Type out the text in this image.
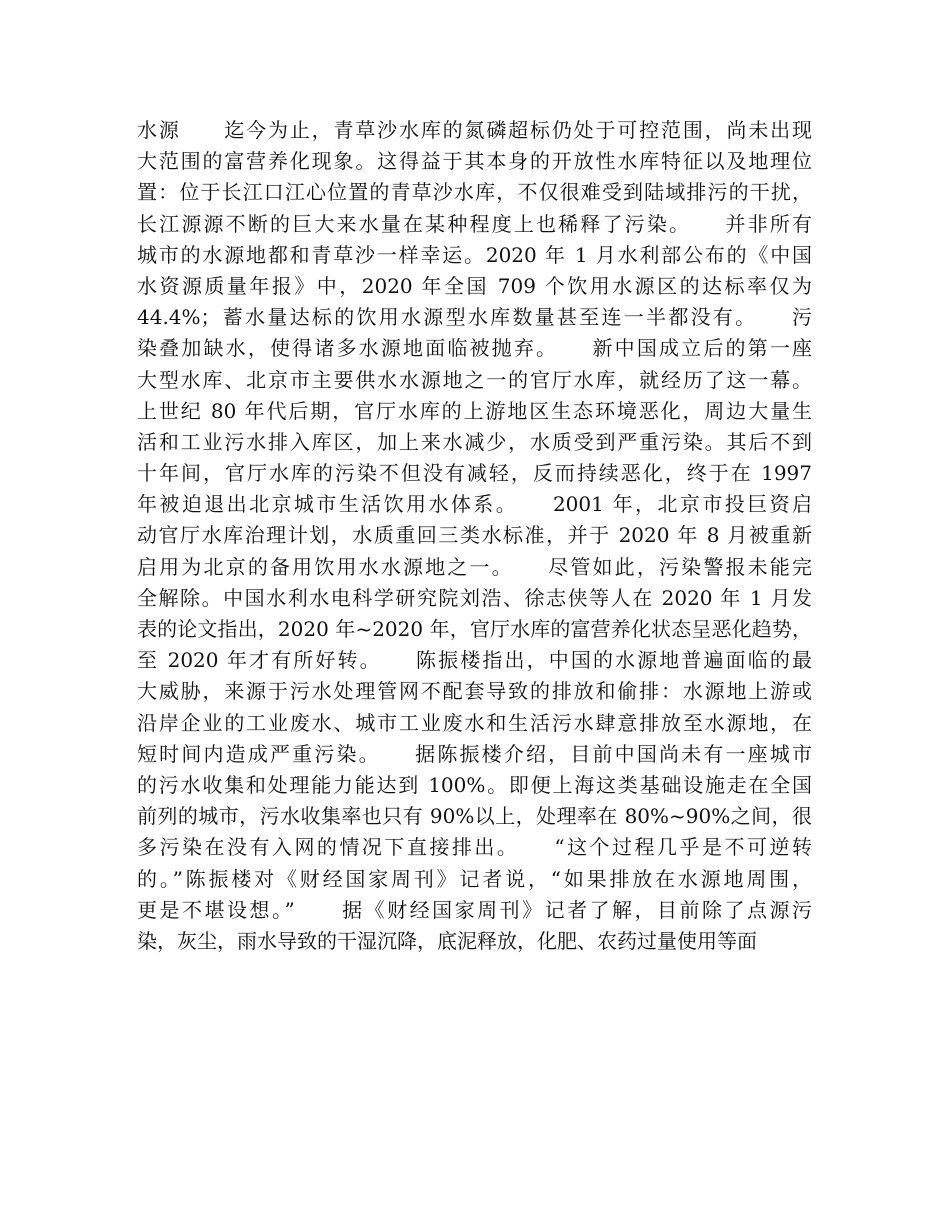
水源　　迄今为止，青草沙水库的氮磷超标仍处于可控范围，尚未出现
大范围的富营养化现象。这得益于其本身的开放性水库特征以及地理位
置：位于长江口江心位置的青草沙水库，不仅很难受到陆域排污的干扰，
长江源源不断的巨大来水量在某种程度上也稀释了污染。　　并非所有
城市的水源地都和青草沙一样幸运。2020 年 1 月水利部公布的《中国
水资源质量年报》中，2020 年全国 709 个饮用水源区的达标率仅为
44.4%；蓄水量达标的饮用水源型水库数量甚至连一半都没有。　　污
染叠加缺水，使得诸多水源地面临被抛弃。　　新中国成立后的第一座
大型水库、北京市主要供水水源地之一的官厅水库，就经历了这一幕。
上世纪 80 年代后期，官厅水库的上游地区生态环境恶化，周边大量生
活和工业污水排入库区，加上来水减少，水质受到严重污染。其后不到
十年间，官厅水库的污染不但没有减轻，反而持续恶化，终于在 1997
年被迫退出北京城市生活饮用水体系。　　2001 年，北京市投巨资启
动官厅水库治理计划，水质重回三类水标准，并于 2020 年 8 月被重新
启用为北京的备用饮用水水源地之一。　　尽管如此，污染警报未能完
全解除。中国水利水电科学研究院刘浩、徐志侠等人在 2020 年 1 月发
表的论文指出，2020 年~2020 年，官厅水库的富营养化状态呈恶化趋势，
至 2020 年才有所好转。　　陈振楼指出，中国的水源地普遍面临的最
大威胁，来源于污水处理管网不配套导致的排放和偷排：水源地上游或
沿岸企业的工业废水、城市工业废水和生活污水肆意排放至水源地，在
短时间内造成严重污染。　　据陈振楼介绍，目前中国尚未有一座城市
的污水收集和处理能力能达到 100%。即便上海这类基础设施走在全国
前列的城市，污水收集率也只有 90%以上，处理率在 80%~90%之间，很
多污染在没有入网的情况下直接排出。　　“这个过程几乎是不可逆转
的。”陈振楼对《财经国家周刊》记者说，“如果排放在水源地周围，
更是不堪设想。”　　据《财经国家周刊》记者了解，目前除了点源污
染，灰尘，雨水导致的干湿沉降，底泥释放，化肥、农药过量使用等面
